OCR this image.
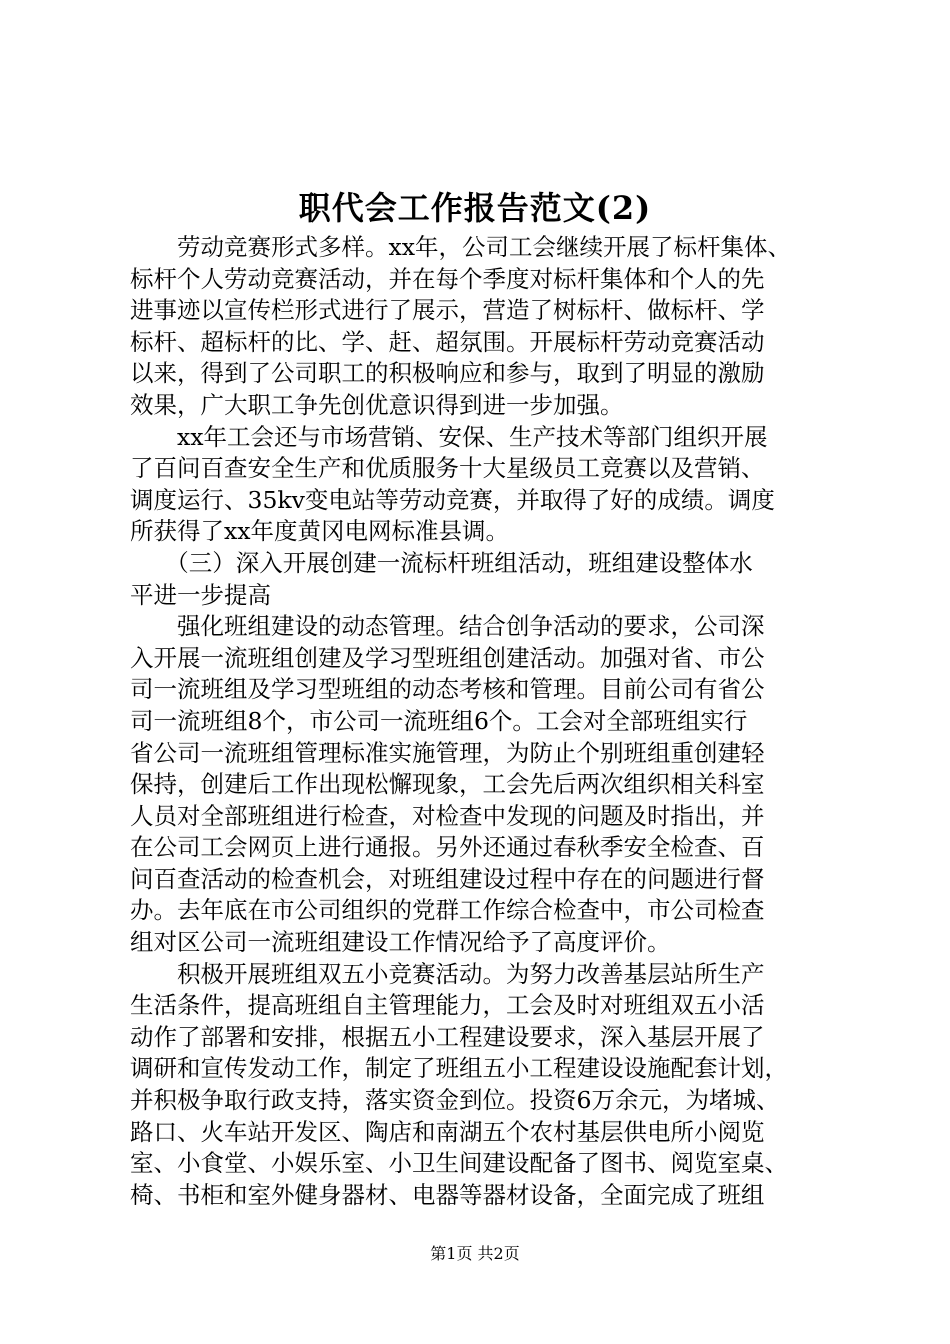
职代会工作报告范文(2)
　　劳动竞赛形式多样。xx年，公司工会继续开展了标杆集体、
标杆个人劳动竞赛活动，并在每个季度对标杆集体和个人的先
进事迹以宣传栏形式进行了展示，营造了树标杆、做标杆、学
标杆、超标杆的比、学、赶、超氛围。开展标杆劳动竞赛活动
以来，得到了公司职工的积极响应和参与，取到了明显的激励
效果，广大职工争先创优意识得到进一步加强。
　　xx年工会还与市场营销、安保、生产技术等部门组织开展
了百问百查安全生产和优质服务十大星级员工竞赛以及营销、
调度运行、35kv变电站等劳动竞赛，并取得了好的成绩。调度
所获得了xx年度黄冈电网标准县调。
　　（三）深入开展创建一流标杆班组活动，班组建设整体水
平进一步提高
　　强化班组建设的动态管理。结合创争活动的要求，公司深
入开展一流班组创建及学习型班组创建活动。加强对省、市公
司一流班组及学习型班组的动态考核和管理。目前公司有省公
司一流班组8个，市公司一流班组6个。工会对全部班组实行
省公司一流班组管理标准实施管理，为防止个别班组重创建轻
保持，创建后工作出现松懈现象，工会先后两次组织相关科室
人员对全部班组进行检查，对检查中发现的问题及时指出，并
在公司工会网页上进行通报。另外还通过春秋季安全检查、百
问百查活动的检查机会，对班组建设过程中存在的问题进行督
办。去年底在市公司组织的党群工作综合检查中，市公司检查
组对区公司一流班组建设工作情况给予了高度评价。
　　积极开展班组双五小竞赛活动。为努力改善基层站所生产
生活条件，提高班组自主管理能力，工会及时对班组双五小活
动作了部署和安排，根据五小工程建设要求，深入基层开展了
调研和宣传发动工作，制定了班组五小工程建设设施配套计划，
并积极争取行政支持，落实资金到位。投资6万余元，为堵城、
路口、火车站开发区、陶店和南湖五个农村基层供电所小阅览
室、小食堂、小娱乐室、小卫生间建设配备了图书、阅览室桌、
椅、书柜和室外健身器材、电器等器材设备，全面完成了班组
第1页 共2页
